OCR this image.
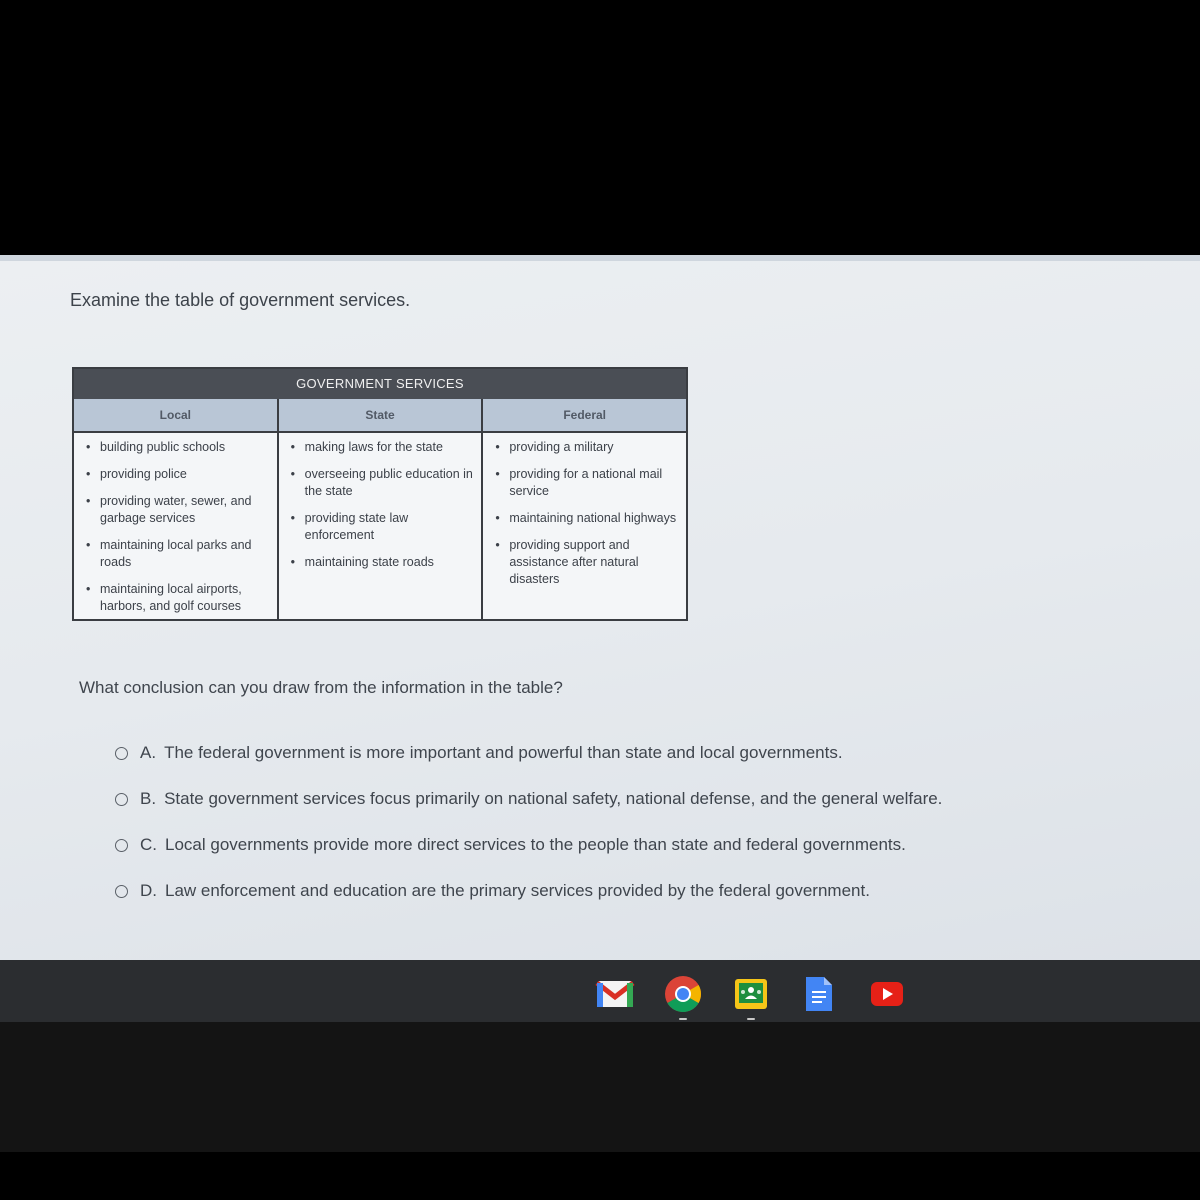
Examine the table of government services.
GOVERNMENT SERVICES
Local	State	Federal
• building public schools
• providing police
• providing water, sewer, and garbage services
• maintaining local parks and roads
• maintaining local airports, harbors, and golf courses
• making laws for the state
• overseeing public education in the state
• providing state law enforcement
• maintaining state roads
• providing a military
• providing for a national mail service
• maintaining national highways
• providing support and assistance after natural disasters
What conclusion can you draw from the information in the table?
A. The federal government is more important and powerful than state and local governments.
B. State government services focus primarily on national safety, national defense, and the general welfare.
C. Local governments provide more direct services to the people than state and federal governments.
D. Law enforcement and education are the primary services provided by the federal government.
